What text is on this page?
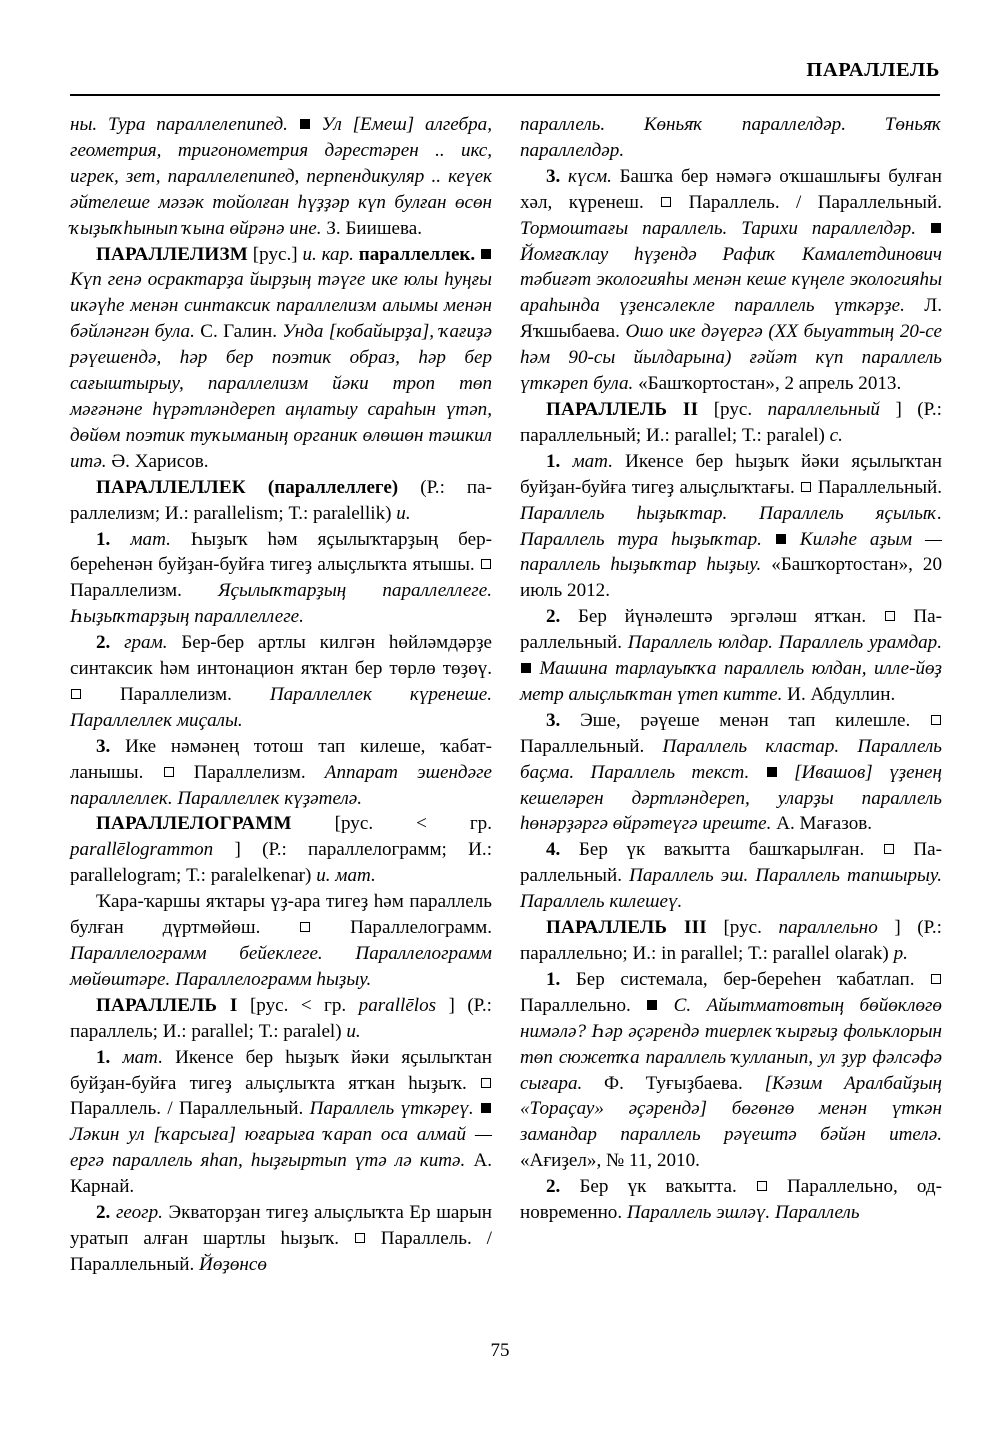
ПАРАЛЛЕЛЬ

ны. Тура параллелепипед. Ул [Емеш] алгебра, геометрия, тригонометрия дәрестәрен .. икс, игрек, зет, параллелепипед, перпендикуляр .. кеүек әйтелеше мәзәк тойолған һүҙҙәр күп булған өсөн ҡыҙыҡһынып ҡына өйрәнә ине. З. Биишева.

ПАРАЛЛЕЛИЗМ [рус.] и. кар. параллеллек.  Күп генә осрактарҙа йырҙың тәүге ике юлы һуңғы икәүһе менән синтаксик параллелизм алымы менән бәйләнгән була. С. Галин. Унда [кобайырҙа], ҡағиҙә рәүешендә, һәр бер поэтик образ, һәр бер сағыштырыу, параллелизм йәки троп төп мәғәнәне һүрәтләндереп аңлатыу сараһын үтәп, дөйөм поэтик туҡыманың органик өлөшөн тәшкил итә. Ә. Харисов.

ПАРАЛЛЕЛЛЕК (параллеллеге) (Р.: параллелизм; И.: parallelism; Т.: paralellik) и.

1. мат. Һыҙыҡ һәм яҫылыҡтарҙың бер-береһенән буйҙан-буйға тигеҙ алыҫлыҡта ятышы.  Параллелизм. Яҫылыҡтарҙың параллеллеге. Һыҙыҡтарҙың параллеллеге.

2. грам. Бер-бер артлы килгән һөйләмдәрҙе синтаксик һәм интонацион яҡтан бер төрлө төҙөү.  Параллелизм. Параллеллек күренеше. Параллеллек миҫалы.

3. Ике нәмәнең тотош тап килеше, ҡабатланышы.	Параллелизм. Аппарат эшендәге параллеллек. Параллеллек күҙәтелә.

ПАРАЛЛЕЛОГРАММ [рус. < гр. parallēlogrammon ] (Р.: параллелограмм; И.: parallelogram; Т.: paralelkenar) и. мат.

Ҡара-ҡаршы яҡтары үҙ-ара тигеҙ һәм параллель булған дүртмөйөш.	Параллелограмм. Параллелограмм бейеклеге. Параллелограмм мөйөштәре. Параллелограмм һыҙыу.

ПАРАЛЛЕЛЬ I [рус. < гр. parallēlos ] (Р.: параллель; И.: parallel; Т.: paralel) и.

1. мат. Икенсе бер һыҙыҡ йәки яҫылыҡтан буйҙан-буйға тигеҙ алыҫлыҡта ятҡан һыҙыҡ.  Параллель. / Параллельный. Параллель үткәреү.  Ләкин ул [ҡарсыға] юғарыға ҡарап оса алмай — ергә параллель яһап, һыҙғыртып үтә лә китә. А. Карнай.

2. геогр. Экваторҙан тигеҙ алыҫлыҡта Ер шарын уратып алған шартлы һыҙыҡ. Параллель. / Параллельный. Йөҙөнсө

параллель. Көньяҡ параллелдәр. Төньяҡ параллелдәр.

3. күсм. Башҡа бер нәмәгә оҡшашлығы булған хәл, күренеш. Параллель. / Параллельный. Тормоштағы параллель. Тарихи параллелдәр.  Йомғаҡлау һүҙендә Рафиҡ Камалетдинович тәбиғәт экологияһы менән кеше күңеле экологияһы араһында үҙенсәлекле параллель үткәрҙе. Л. Яҡшыбаева. Ошо ике дәүергә (XX быуаттың 20-се һәм 90-сы йылдарына) ғәйәт күп параллель үткәреп була. «Башҡортостан», 2 апрель 2013.

ПАРАЛЛЕЛЬ II [рус. параллельный ] (Р.: параллельный; И.: parallel; Т.: paralel) с.

1. мат. Икенсе бер һыҙыҡ йәки яҫылыҡтан буйҙан-буйға тигеҙ алыҫлыҡтағы. Параллельный. Параллель һыҙыҡтар. Параллель яҫылыҡ. Параллель тура һыҙыҡтар. Киләһе аҙым — параллель һыҙыҡтар һыҙыу. «Башҡортостан», 20 июль 2012.

2. Бер йүнәлештә эргәләш ятҡан. Параллельный. Параллель юлдар. Параллель урамдар.  Машина тарлауыҡҡа параллель юлдан, илле-йөҙ метр алыҫлыҡтан үтеп китте. И. Абдуллин.

3. Эше, рәүеше менән тап килешле.  Параллельный. Параллель кластар. Параллель баҫма. Параллель текст. [Ивашов] үҙенең кешеләрен дәртләндереп, уларҙы параллель һөнәрҙәргә өйрәтеүгә иреште. А. Мағазов.

4. Бер үк ваҡытта башҡарылған.	Параллельный. Параллель эш. Параллель тапшырыу. Параллель килешеү.

ПАРАЛЛЕЛЬ III [рус. параллельно ] (Р.: параллельно; И.: in parallel; Т.: parallel olarak) р.

1. Бер системала, бер-береһен ҡабатлап.  Параллельно. С. Айытматовтың бөйөклөгө нимәлә? Һәр әҫәрендә тиерлек ҡырғыҙ фольклорын төп сюжетҡа параллель ҡулланып, ул ҙур фәлсәфә сығара. Ф. Туғыҙбаева. [Кәзим Аралбайҙың «Тораҫау» әҫәрендә] бөгөнгө менән үткән замандар параллель рәүештә бәйән ителә. «Ағиҙел», № 11, 2010.

2. Бер үк ваҡытта.	Параллельно, одновременно. Параллель эшләү. Параллель

75
